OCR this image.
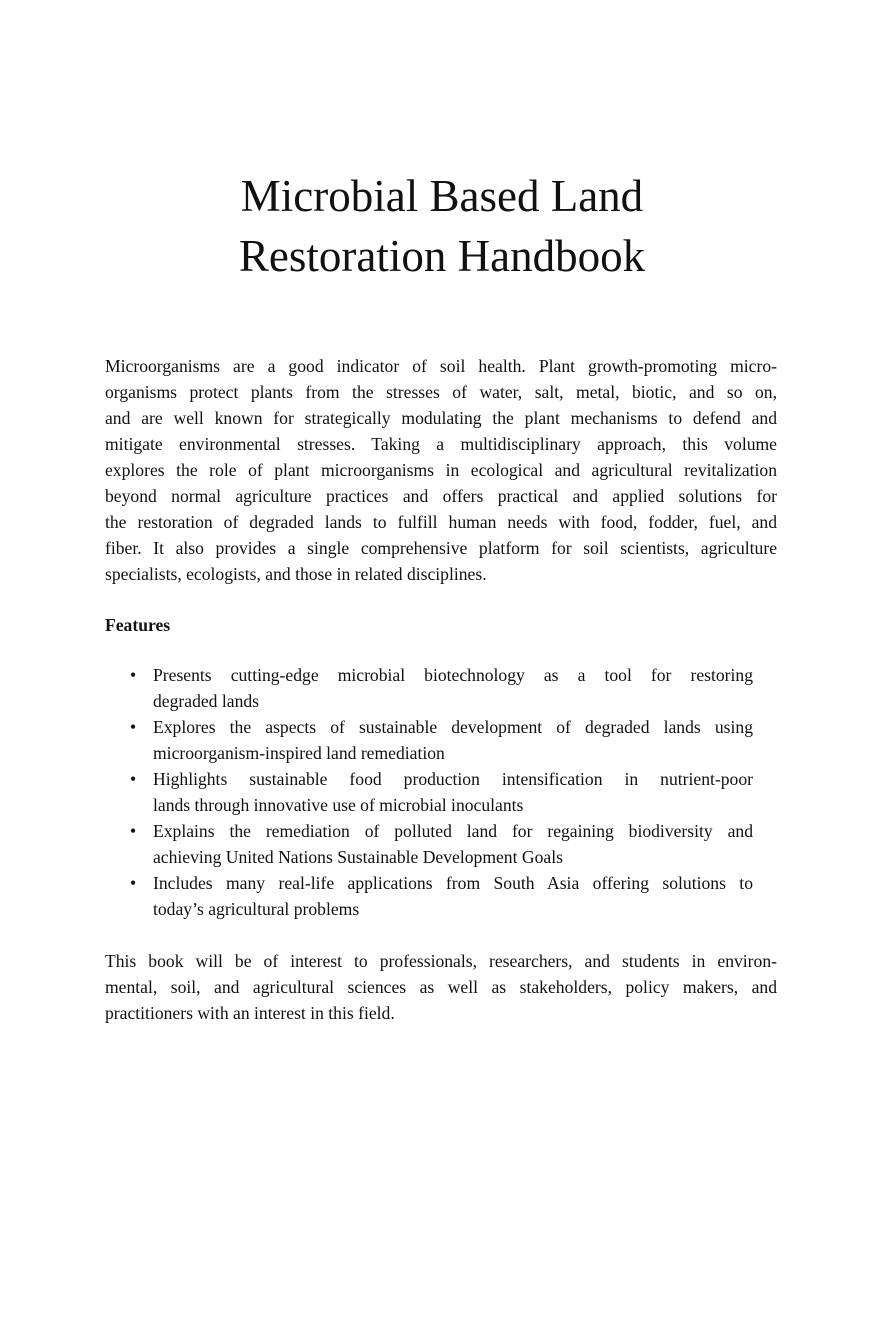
Microbial Based Land
Restoration Handbook
Microorganisms are a good indicator of soil health. Plant growth-promoting micro-
organisms protect plants from the stresses of water, salt, metal, biotic, and so on,
and are well known for strategically modulating the plant mechanisms to defend and
mitigate environmental stresses. Taking a multidisciplinary approach, this volume
explores the role of plant microorganisms in ecological and agricultural revitalization
beyond normal agriculture practices and offers practical and applied solutions for
the restoration of degraded lands to fulfill human needs with food, fodder, fuel, and
fiber. It also provides a single comprehensive platform for soil scientists, agriculture
specialists, ecologists, and those in related disciplines.
Features
• Presents cutting-edge microbial biotechnology as a tool for restoring
degraded lands
• Explores the aspects of sustainable development of degraded lands using
microorganism-inspired land remediation
• Highlights sustainable food production intensification in nutrient-poor
lands through innovative use of microbial inoculants
• Explains the remediation of polluted land for regaining biodiversity and
achieving United Nations Sustainable Development Goals
• Includes many real-life applications from South Asia offering solutions to
today’s agricultural problems
This book will be of interest to professionals, researchers, and students in environ-
mental, soil, and agricultural sciences as well as stakeholders, policy makers, and
practitioners with an interest in this field.
